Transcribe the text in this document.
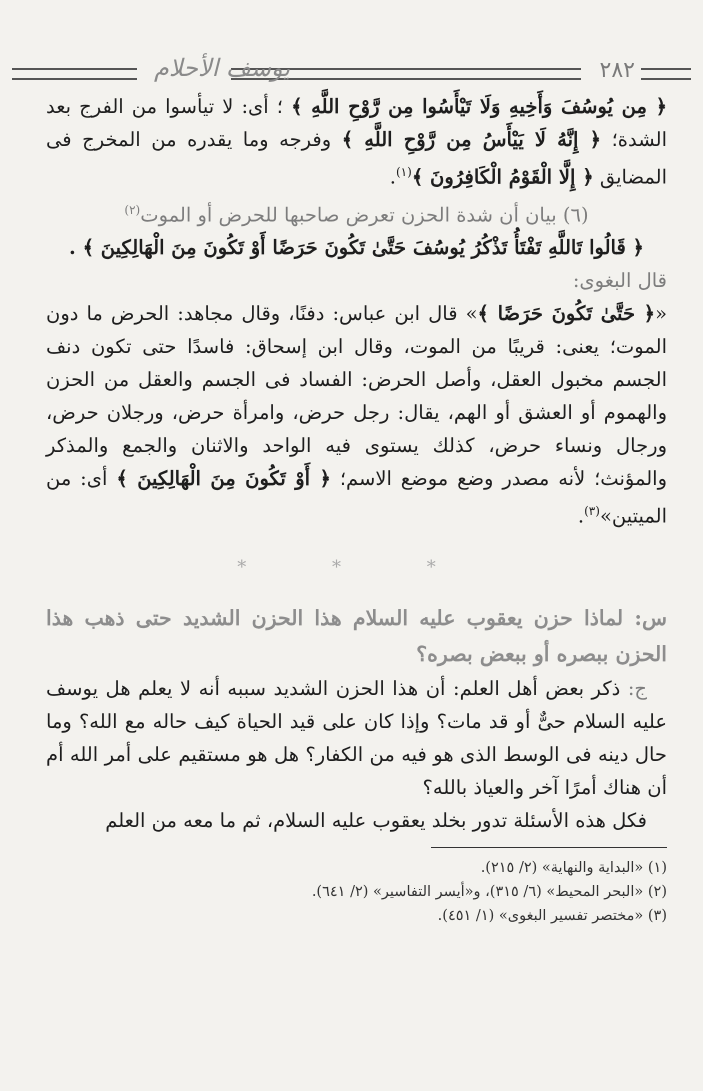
٢٨٢
يوسف الأحلام

﴿ مِن يُوسُفَ وَأَخِيهِ وَلَا تَيْأَسُوا مِن رَّوْحِ اللَّهِ ﴾ ؛ أى: لا تيأسوا من الفرج بعد الشدة؛ ﴿ إِنَّهُ لَا يَيْأَسُ مِن رَّوْحِ اللَّهِ ﴾ وفرجه وما يقدره من المخرج فى المضايق ﴿ إِلَّا الْقَوْمُ الْكَافِرُونَ ﴾$^{(١)}$.

(٦) بيان أن شدة الحزن تعرض صاحبها للحرض أو الموت$^{(٢)}$

﴿ قَالُوا تَاللَّهِ تَفْتَأُ تَذْكُرُ يُوسُفَ حَتَّىٰ تَكُونَ حَرَضًا أَوْ تَكُونَ مِنَ الْهَالِكِينَ ﴾ .

قال البغوى:

«﴿ حَتَّىٰ تَكُونَ حَرَضًا ﴾» قال ابن عباس: دفنًا، وقال مجاهد: الحرض ما دون الموت؛ يعنى: قريبًا من الموت، وقال ابن إسحاق: فاسدًا حتى تكون دنف الجسم مخبول العقل، وأصل الحرض: الفساد فى الجسم والعقل من الحزن والهموم أو العشق أو الهم، يقال: رجل حرض، وامرأة حرض، ورجلان حرض، ورجال ونساء حرض، كذلك يستوى فيه الواحد والاثنان والجمع والمذكر والمؤنث؛ لأنه مصدر وضع موضع الاسم؛ ﴿ أَوْ تَكُونَ مِنَ الْهَالِكِينَ ﴾ أى: من الميتين»$^{(٣)}$.

* * *

س: لماذا حزن يعقوب عليه السلام هذا الحزن الشديد حتى ذهب هذا الحزن ببصره أو ببعض بصره؟

ج: ذكر بعض أهل العلم: أن هذا الحزن الشديد سببه أنه لا يعلم هل يوسف عليه السلام حىٌّ أو قد مات؟ وإذا كان على قيد الحياة كيف حاله مع الله؟ وما حال دينه فى الوسط الذى هو فيه من الكفار؟ هل هو مستقيم على أمر الله أم أن هناك أمرًا آخر والعياذ بالله؟

فكل هذه الأسئلة تدور بخلد يعقوب عليه السلام، ثم ما معه من العلم

(١) «البداية والنهاية» (٢/ ٢١٥).
(٢) «البحر المحيط» (٦/ ٣١٥)، و«أيسر التفاسير» (٢/ ٦٤١).
(٣) «مختصر تفسير البغوى» (١/ ٤٥١).
